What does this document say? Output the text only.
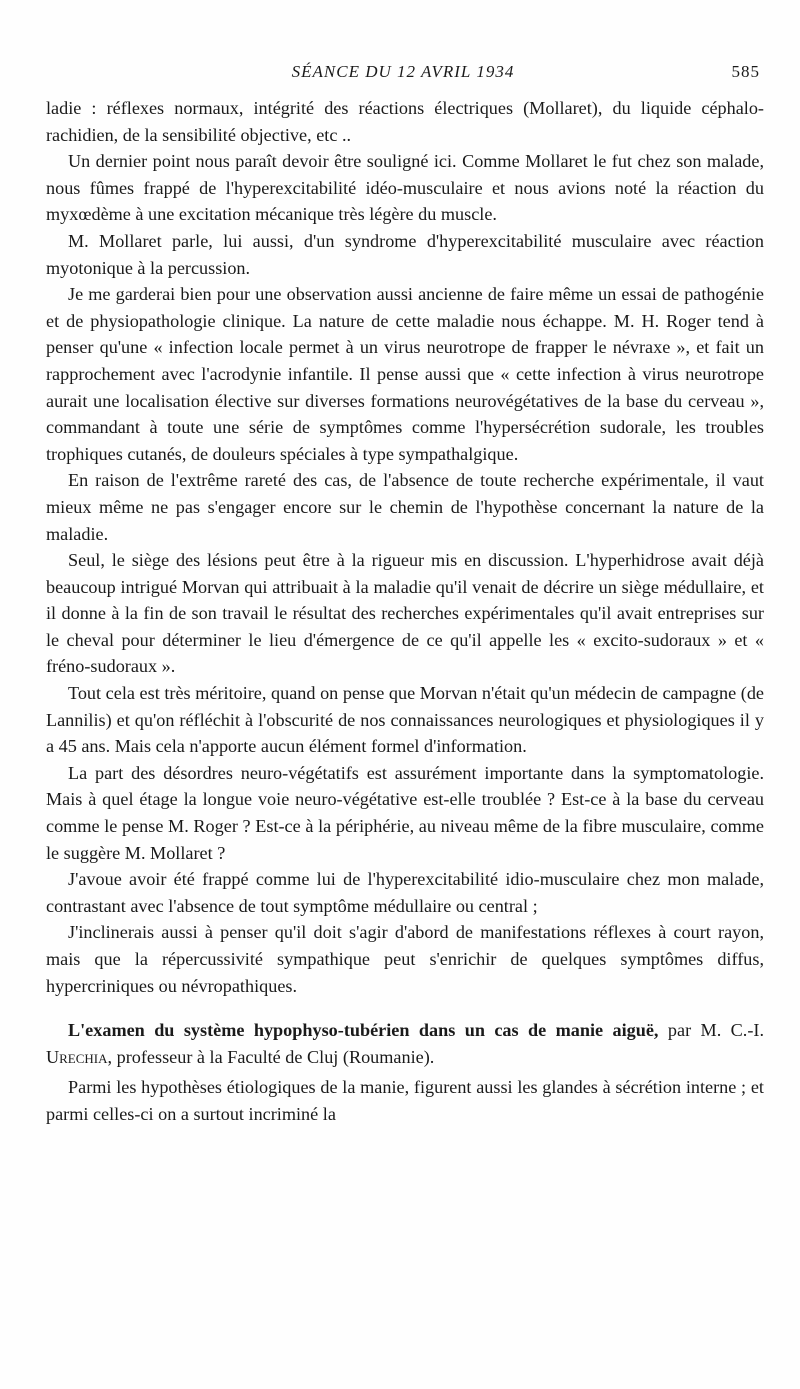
SÉANCE DU 12 AVRIL 1934	585

ladie : réflexes normaux, intégrité des réactions électriques (Mollaret), du liquide céphalo-rachidien, de la sensibilité objective, etc ..

Un dernier point nous paraît devoir être souligné ici. Comme Mollaret le fut chez son malade, nous fûmes frappé de l'hyperexcitabilité idéo-musculaire et nous avions noté la réaction du myxœdème à une excitation mécanique très légère du muscle.

M. Mollaret parle, lui aussi, d'un syndrome d'hyperexcitabilité musculaire avec réaction myotonique à la percussion.

Je me garderai bien pour une observation aussi ancienne de faire même un essai de pathogénie et de physiopathologie clinique. La nature de cette maladie nous échappe. M. H. Roger tend à penser qu'une « infection locale permet à un virus neurotrope de frapper le névraxe », et fait un rapprochement avec l'acrodynie infantile. Il pense aussi que « cette infection à virus neurotrope aurait une localisation élective sur diverses formations neurovégétatives de la base du cerveau », commandant à toute une série de symptômes comme l'hypersécrétion sudorale, les troubles trophiques cutanés, de douleurs spéciales à type sympathalgique.

En raison de l'extrême rareté des cas, de l'absence de toute recherche expérimentale, il vaut mieux même ne pas s'engager encore sur le chemin de l'hypothèse concernant la nature de la maladie.

Seul, le siège des lésions peut être à la rigueur mis en discussion. L'hyperhidrose avait déjà beaucoup intrigué Morvan qui attribuait à la maladie qu'il venait de décrire un siège médullaire, et il donne à la fin de son travail le résultat des recherches expérimentales qu'il avait entreprises sur le cheval pour déterminer le lieu d'émergence de ce qu'il appelle les « excito-sudoraux » et « fréno-sudoraux ».

Tout cela est très méritoire, quand on pense que Morvan n'était qu'un médecin de campagne (de Lannilis) et qu'on réfléchit à l'obscurité de nos connaissances neurologiques et physiologiques il y a 45 ans. Mais cela n'apporte aucun élément formel d'information.

La part des désordres neuro-végétatifs est assurément importante dans la symptomatologie. Mais à quel étage la longue voie neuro-végétative est-elle troublée ? Est-ce à la base du cerveau comme le pense M. Roger ? Est-ce à la périphérie, au niveau même de la fibre musculaire, comme le suggère M. Mollaret ?

J'avoue avoir été frappé comme lui de l'hyperexcitabilité idio-musculaire chez mon malade, contrastant avec l'absence de tout symptôme médullaire ou central ;

J'inclinerais aussi à penser qu'il doit s'agir d'abord de manifestations réflexes à court rayon, mais que la répercussivité sympathique peut s'enrichir de quelques symptômes diffus, hypercriniques ou névropathiques.

L'examen du système hypophyso-tubérien dans un cas de manie aiguë, par M. C.-I. Urechia, professeur à la Faculté de Cluj (Roumanie).

Parmi les hypothèses étiologiques de la manie, figurent aussi les glandes à sécrétion interne ; et parmi celles-ci on a surtout incriminé la
